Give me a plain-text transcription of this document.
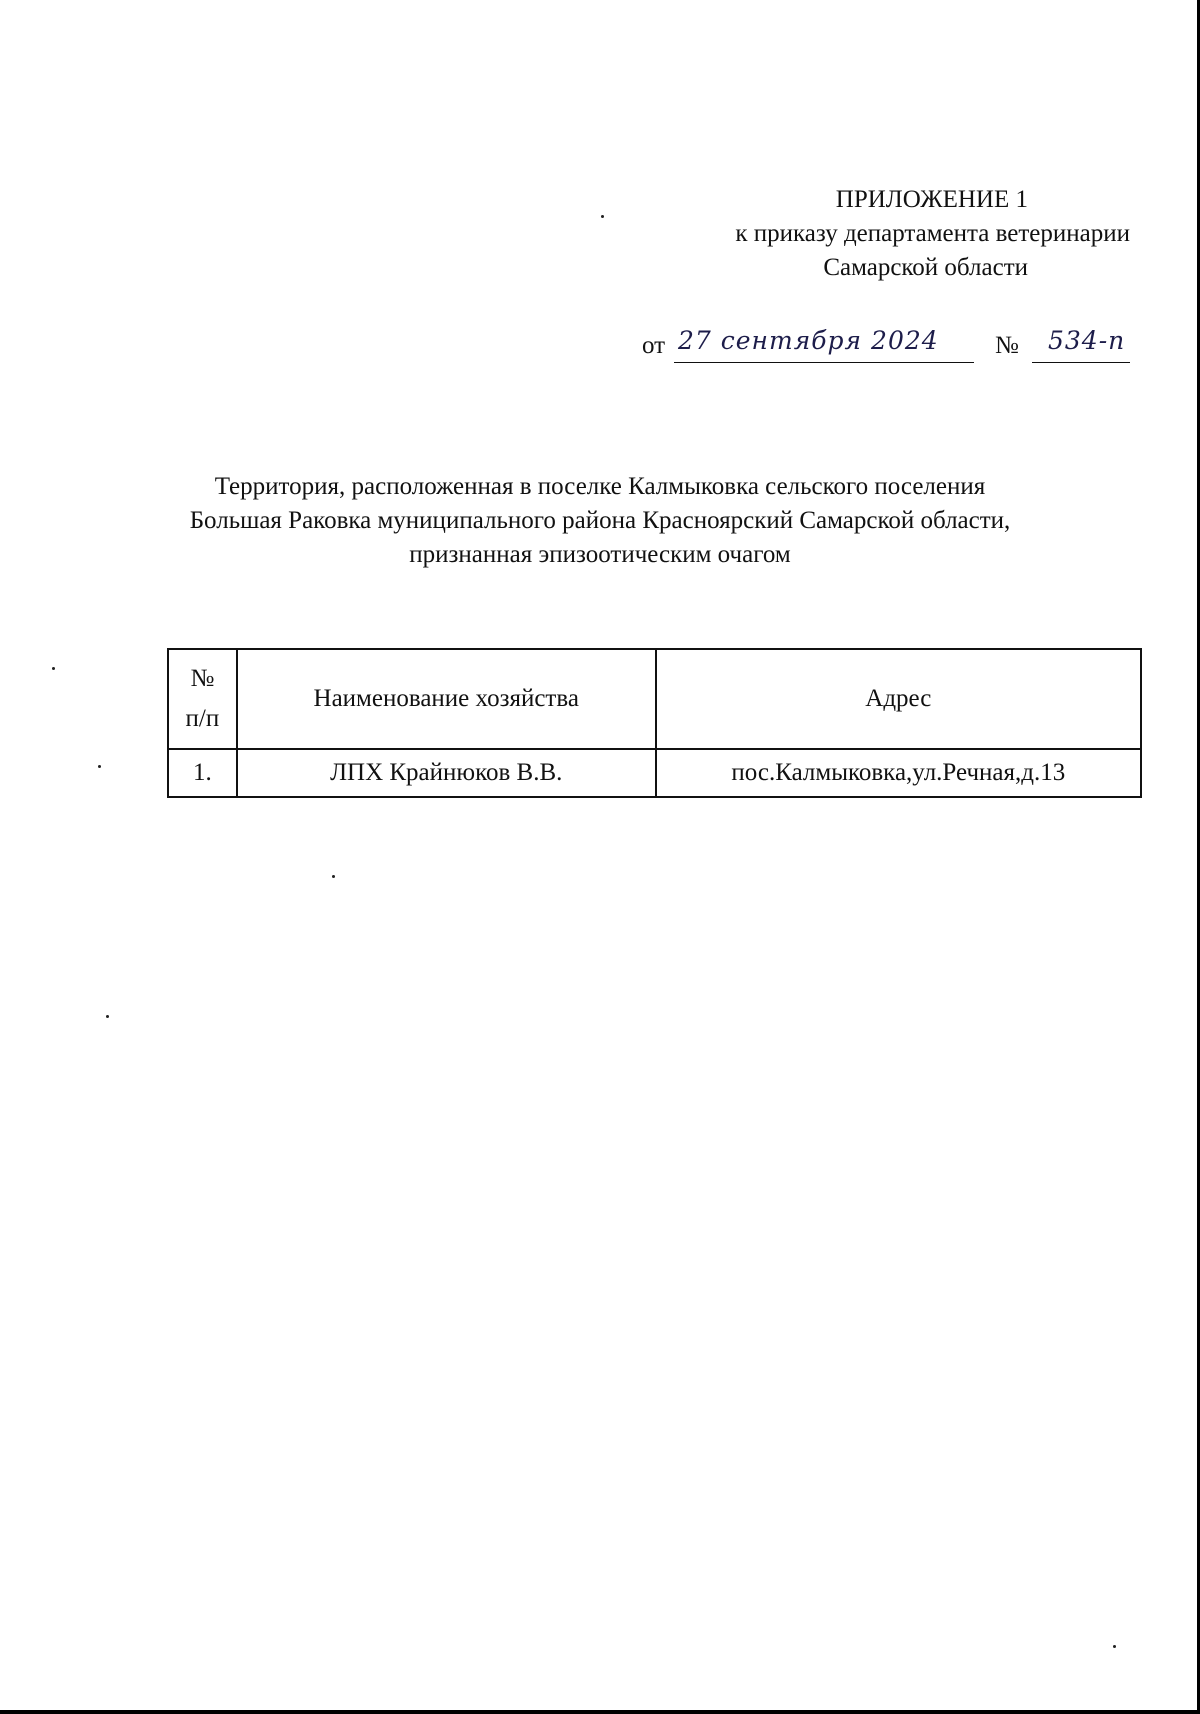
ПРИЛОЖЕНИЕ 1
к приказу департамента ветеринарии
Самарской области
от 27 сентября 2024 № 534-п
Территория, расположенная в поселке Калмыковка сельского поселения
Большая Раковка муниципального района Красноярский Самарской области,
признанная эпизоотическим очагом
№
п/п	Наименование хозяйства	Адрес
1.	ЛПХ Крайнюков В.В.	пос.Калмыковка,ул.Речная,д.13
